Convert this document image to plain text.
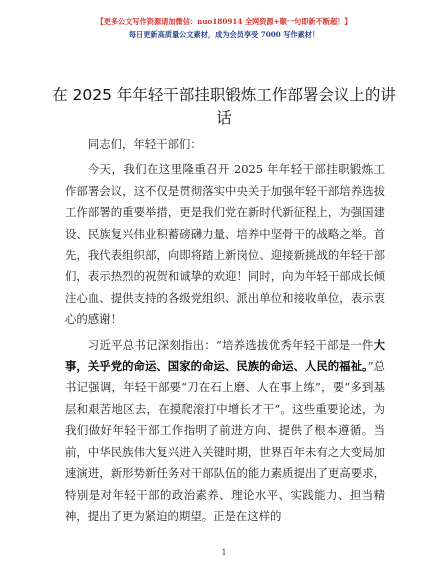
【更多公文写作资源请加微信：nuo180914 全网资源+顺一句即新不断超！】
每日更新高质量公文素材，成为会员享受 7000 写作素材！
在 2025 年年轻干部挂职锻炼工作部署会议上的讲话

同志们，年轻干部们：

今天，我们在这里隆重召开 2025 年年轻干部挂职锻炼工作部署会议，这不仅是贯彻落实中央关于加强年轻干部培养选拔工作部署的重要举措，更是我们党在新时代新征程上，为强国建设、民族复兴伟业积蓄磅礴力量、培养中坚骨干的战略之举。首先，我代表组织部，向即将踏上新岗位、迎接新挑战的年轻干部们，表示热烈的祝贺和诚挚的欢迎！同时，向为年轻干部成长倾注心血、提供支持的各级党组织、派出单位和接收单位，表示衷心的感谢！

习近平总书记深刻指出：“培养选拔优秀年轻干部是一件大事，关乎党的命运、国家的命运、民族的命运、人民的福祉。”总书记强调，年轻干部要“刀在石上磨、人在事上练”，要“多到基层和艰苦地区去，在摸爬滚打中增长才干”。这些重要论述，为我们做好年轻干部工作指明了前进方向、提供了根本遵循。当前，中华民族伟大复兴进入关键时期，世界百年未有之大变局加速演进，新形势新任务对干部队伍的能力素质提出了更高要求，特别是对年轻干部的政治素养、理论水平、实践能力、担当精神，提出了更为紧迫的期望。正是在这样的

1
